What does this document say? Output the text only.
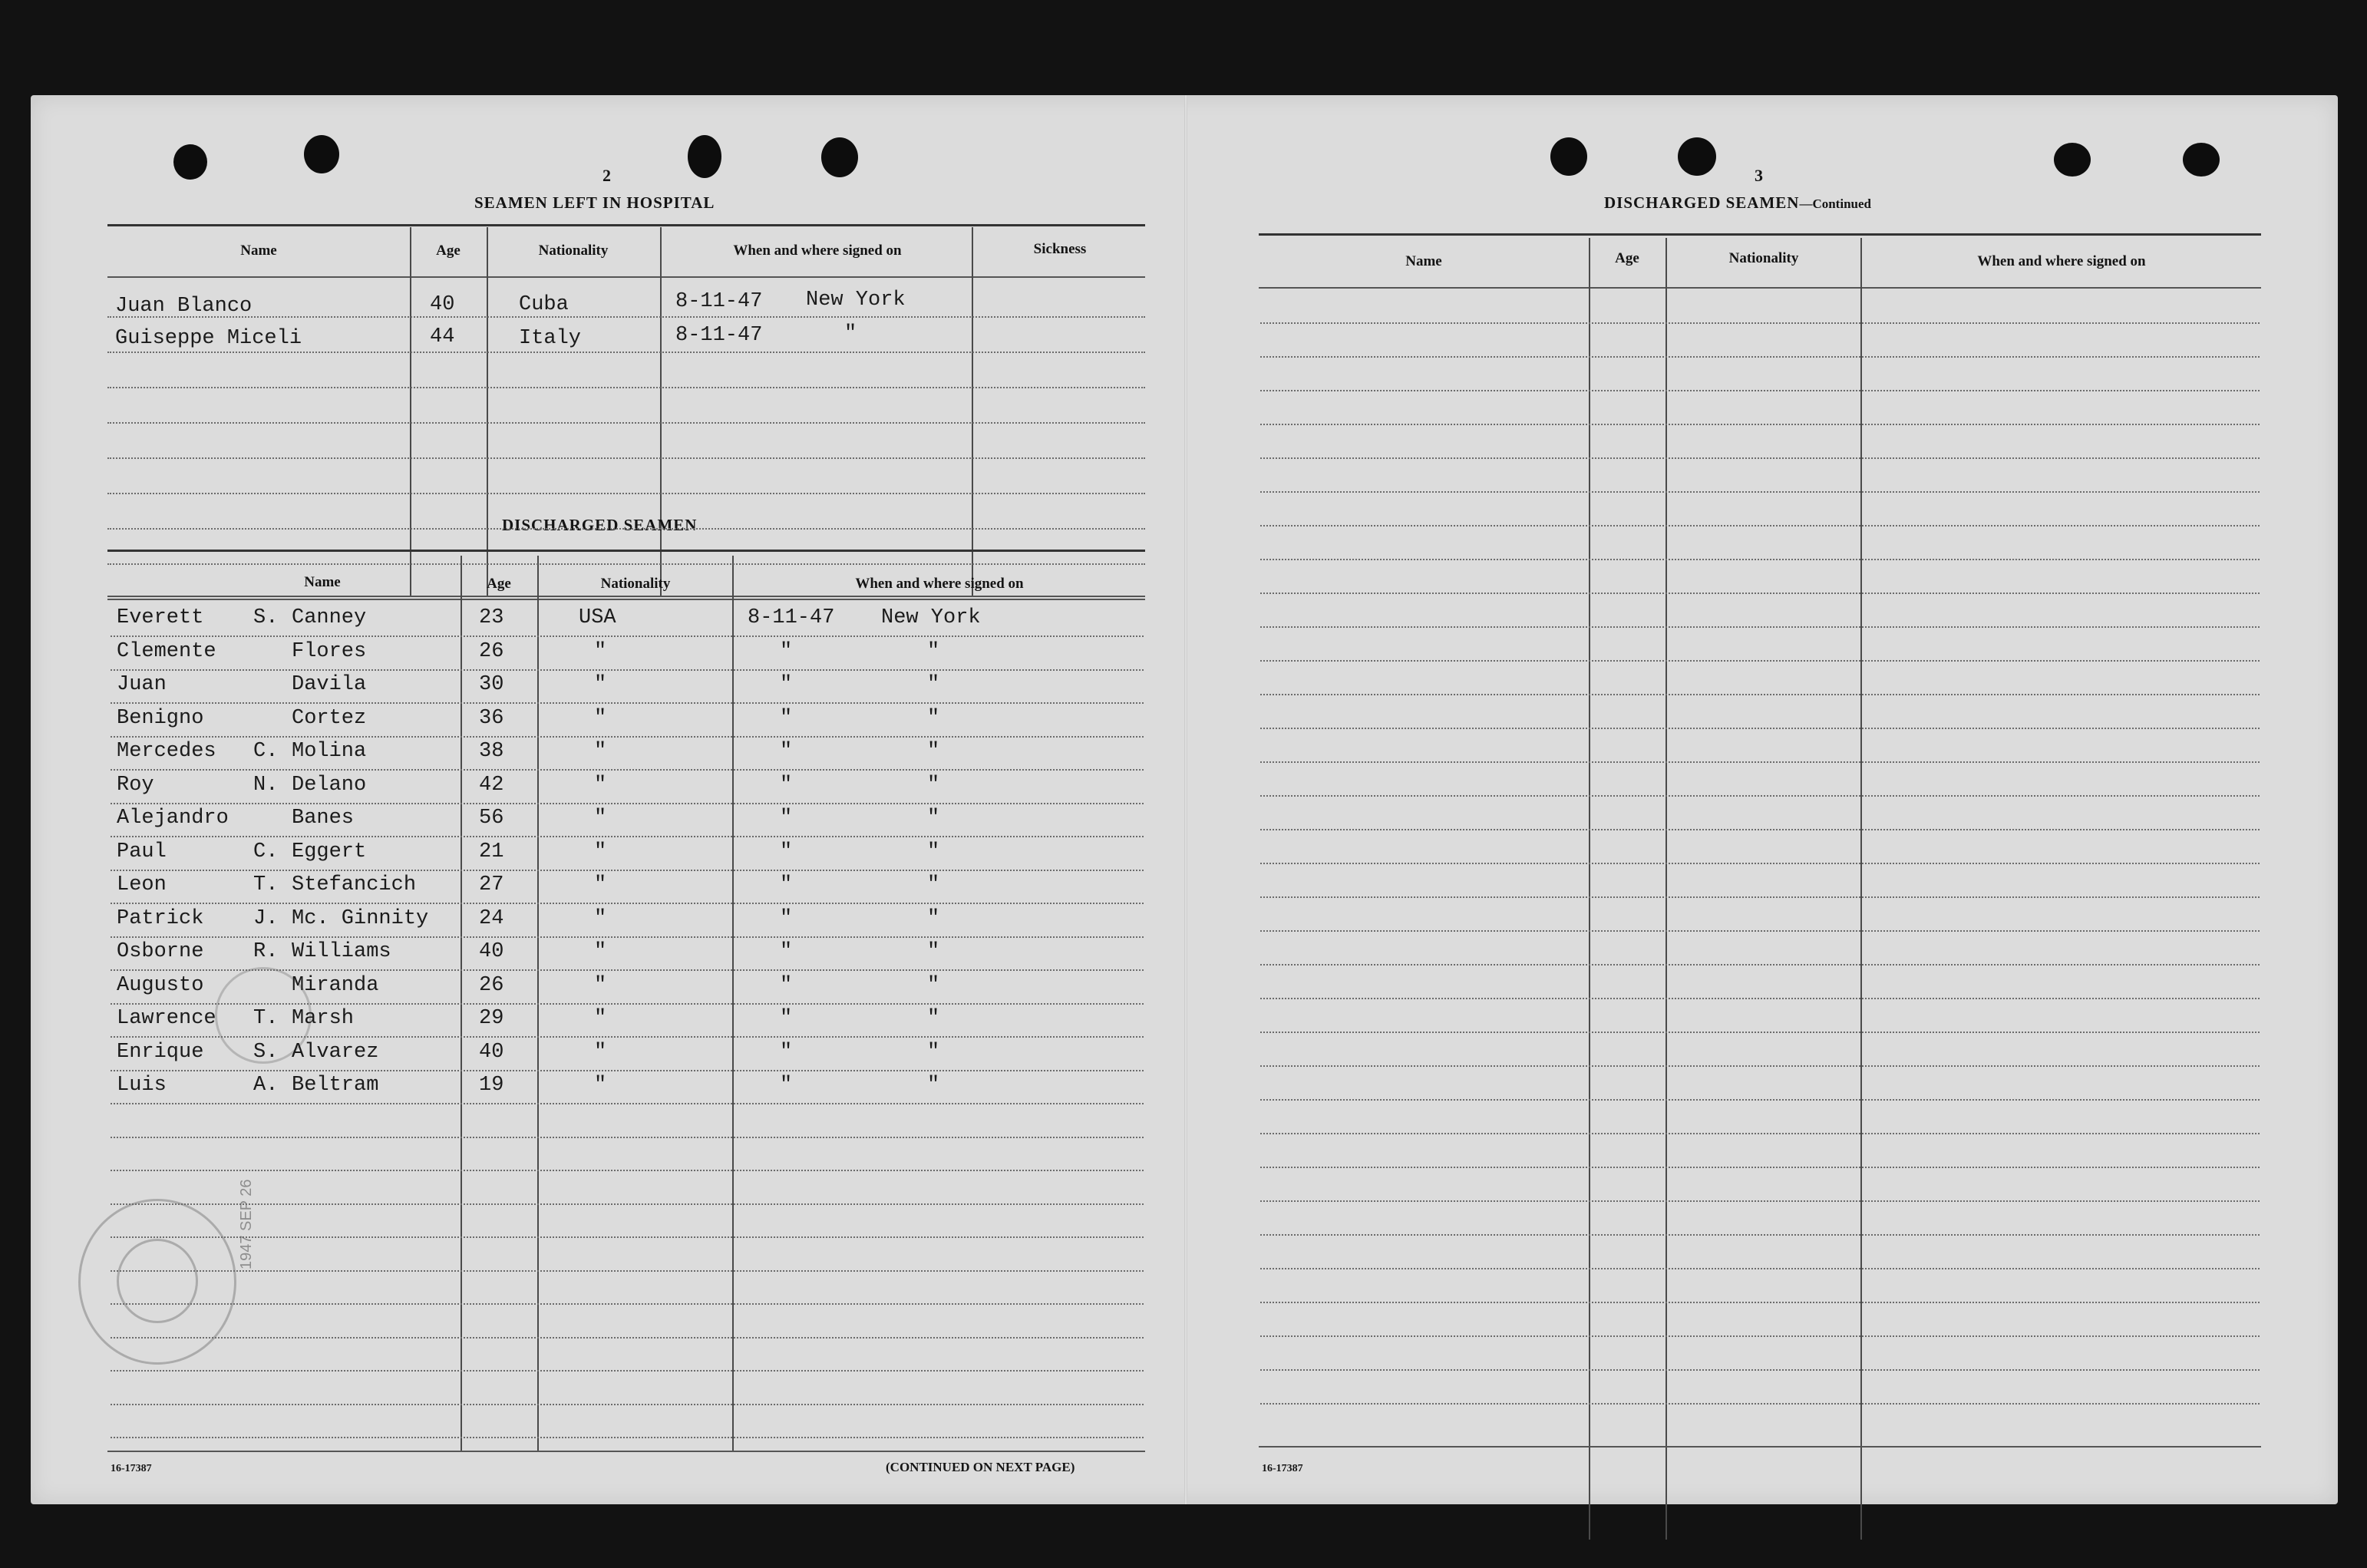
2
SEAMEN LEFT IN HOSPITAL
Name	Age	Nationality	When and where signed on	Sickness
Juan Blanco	40	Cuba	8-11-47 New York
Guiseppe Miceli	44	Italy	8-11-47	"
DISCHARGED SEAMEN
Name	Age	Nationality	When and where signed on
16-17387	(CONTINUED ON NEXT PAGE)
1947 SEP 26
3
DISCHARGED SEAMEN—Continued
Name	Age	Nationality	When and where signed on
16-17387
Everett S. Canney	23	USA	8-11-47 New York
Clemente	Flores	26	"	"	"
Juan	Davila	30	"	"	"
Benigno	Cortez	36	"	"	"
Mercedes C. Molina	38	"	"	"
Roy	N. Delano	42	"	"	"
Alejandro	Banes	56	"	"	"
Paul	C. Eggert	21	"	"	"
Leon	T. Stefancich	27	"	"	"
Patrick J. Mc. Ginnity 24	"	"	"
Osborne R. Williams	40	"	"	"
Augusto	Miranda	26	"	"	"
Lawrence T. Marsh	29	"	"	"
Enrique S. Alvarez	40	"	"	"
Luis	A. Beltram	19	"	"	"
